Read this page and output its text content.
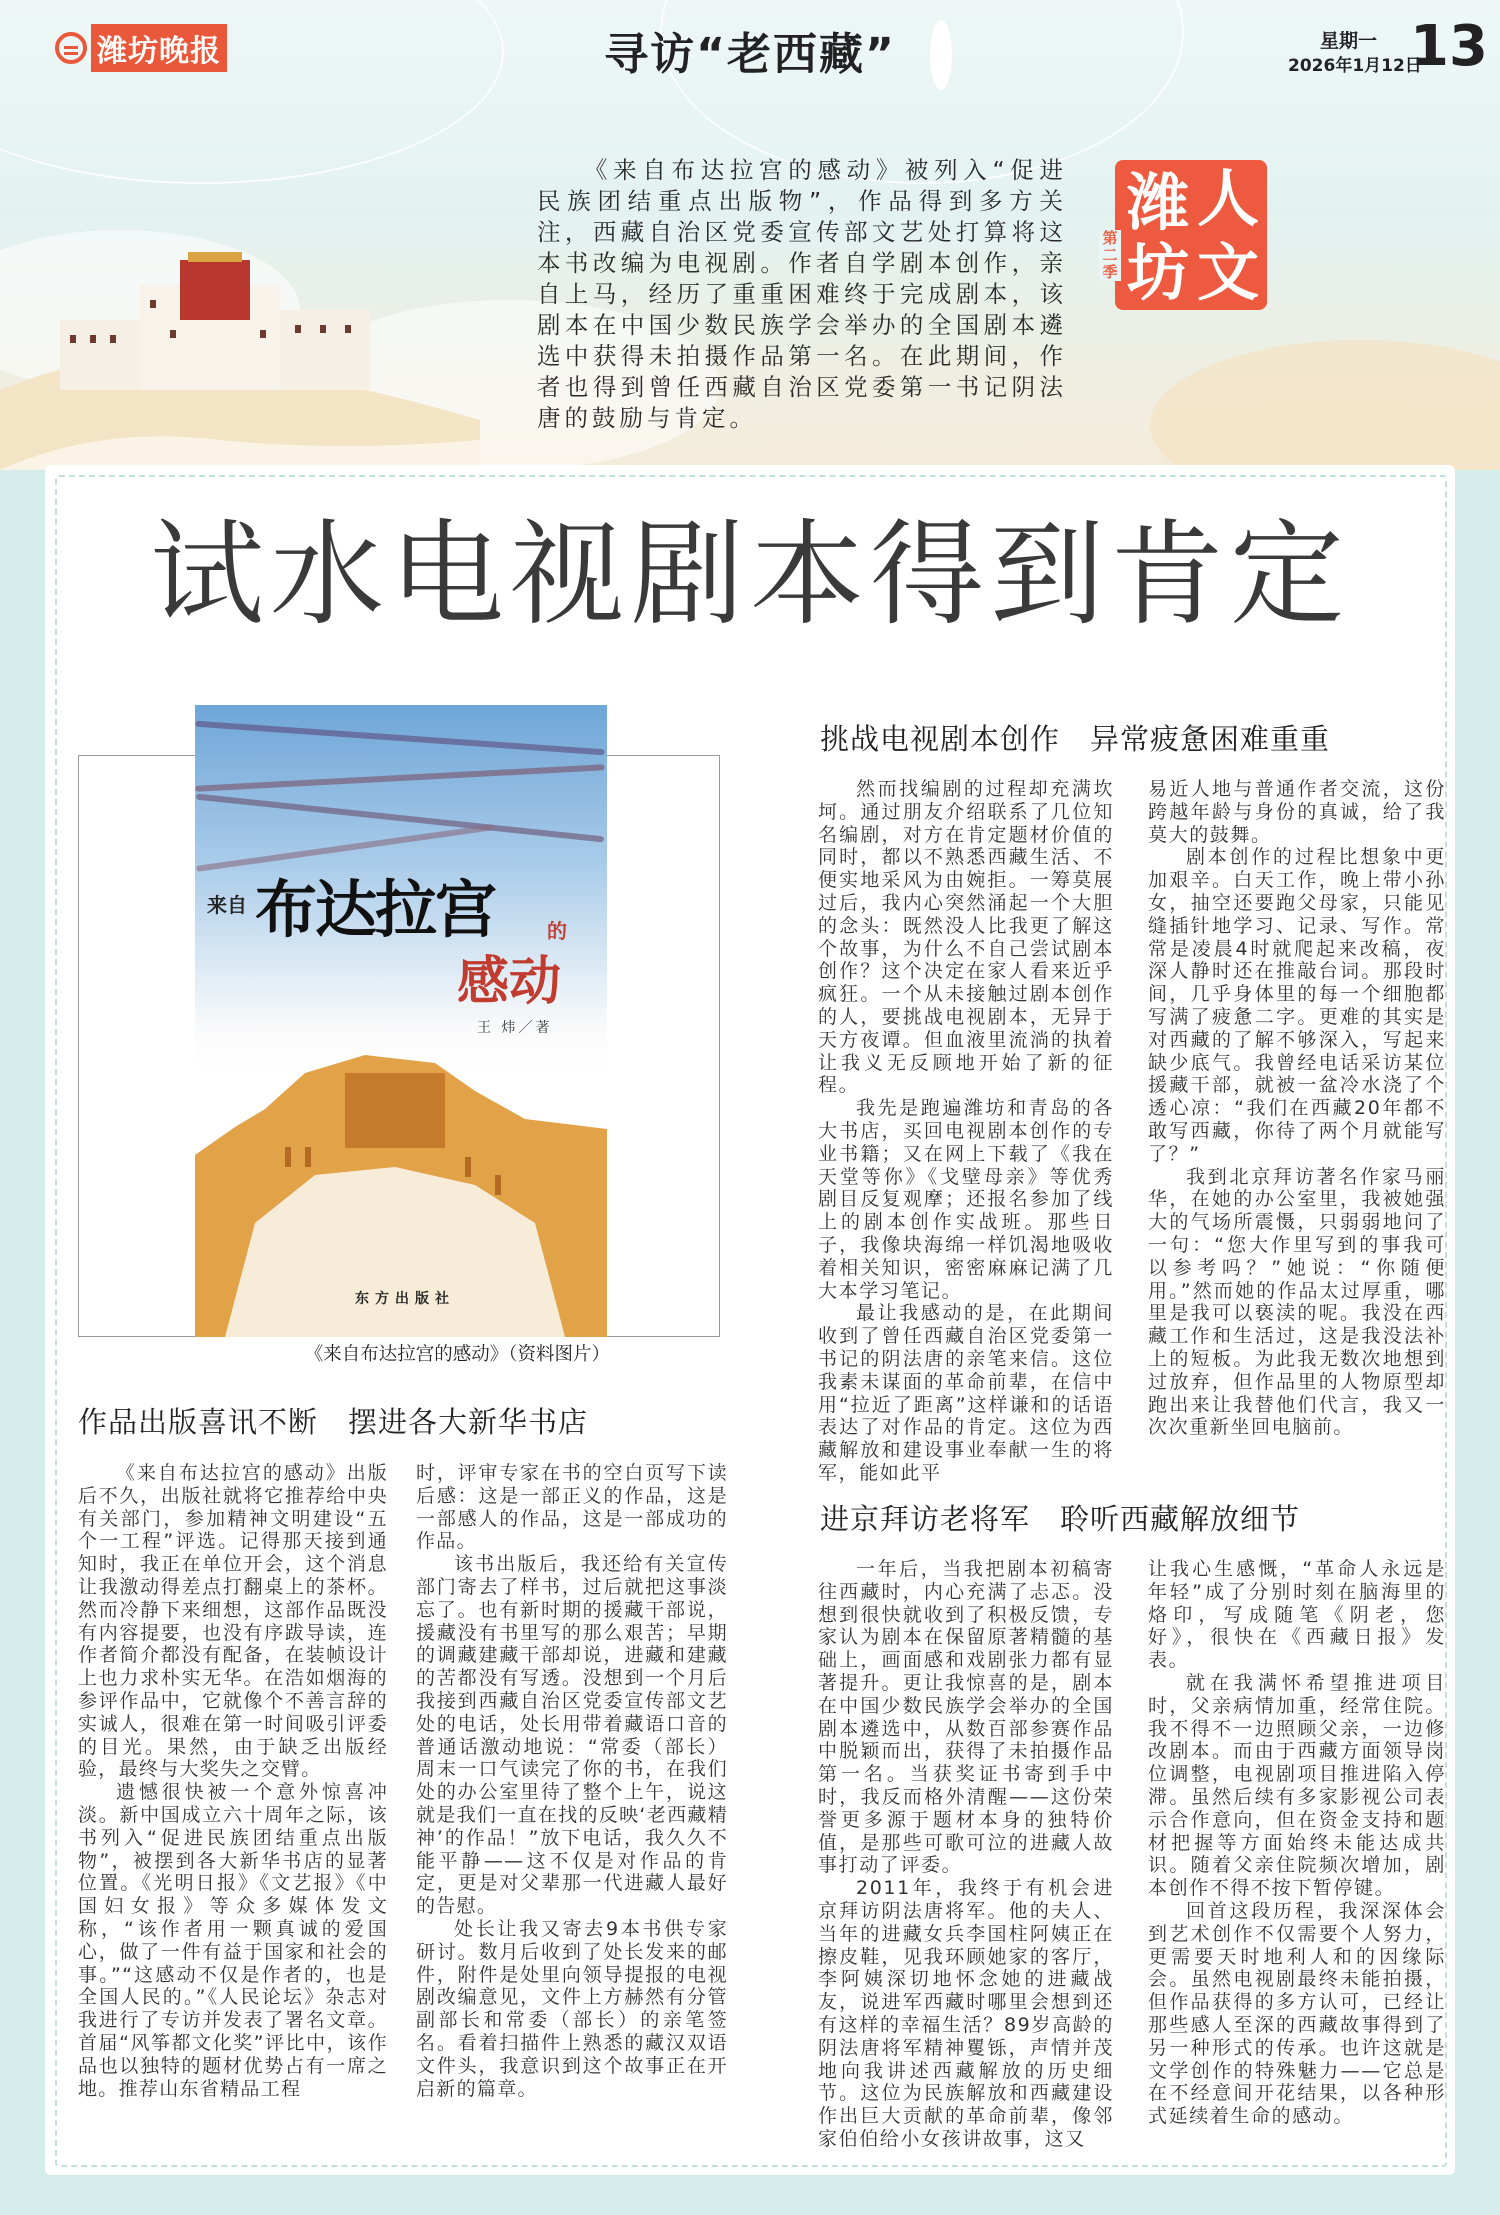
潍坊晚报	寻访“老西藏”	星期一
2026年1月12日
13
《来自布达拉宫的感动》被列入“促进民族团结重点出版物”，作品得到多方关注，西藏自治区党委宣传部文艺处打算将这本书改编为电视剧。作者自学剧本创作，亲自上马，经历了重重困难终于完成剧本，该剧本在中国少数民族学会举办的全国剧本遴选中获得未拍摄作品第一名。在此期间，作者也得到曾任西藏自治区党委第一书记阴法唐的鼓励与肯定。
潍 人
坊 文
第二季
试水电视剧本得到肯定
来自 布达拉宫	的
感动
王 炜／著
东方出版社
《来自布达拉宫的感动》（资料图片）
作品出版喜讯不断　摆进各大新华书店

《来自布达拉宫的感动》出版后不久，出版社就将它推荐给中央有关部门，参加精神文明建设“五个一工程”评选。记得那天接到通知时，我正在单位开会，这个消息让我激动得差点打翻桌上的茶杯。然而冷静下来细想，这部作品既没有内容提要，也没有序跋导读，连作者简介都没有配备，在装帧设计上也力求朴实无华。在浩如烟海的参评作品中，它就像个不善言辞的实诚人，很难在第一时间吸引评委的目光。果然，由于缺乏出版经验，最终与大奖失之交臂。

遗憾很快被一个意外惊喜冲淡。新中国成立六十周年之际，该书列入“促进民族团结重点出版物”，被摆到各大新华书店的显著位置。《光明日报》《文艺报》《中国妇女报》等众多媒体发文称，“该作者用一颗真诚的爱国心，做了一件有益于国家和社会的事。”“这感动不仅是作者的，也是全国人民的。”《人民论坛》杂志对我进行了专访并发表了署名文章。首届“风筝都文化奖”评比中，该作品也以独特的题材优势占有一席之地。推荐山东省精品工程

时，评审专家在书的空白页写下读后感：这是一部正义的作品，这是一部感人的作品，这是一部成功的作品。

该书出版后，我还给有关宣传部门寄去了样书，过后就把这事淡忘了。也有新时期的援藏干部说，援藏没有书里写的那么艰苦；早期的调藏建藏干部却说，进藏和建藏的苦都没有写透。没想到一个月后我接到西藏自治区党委宣传部文艺处的电话，处长用带着藏语口音的普通话激动地说：“常委（部长）周末一口气读完了你的书，在我们处的办公室里待了整个上午，说这就是我们一直在找的反映‘老西藏精神’的作品！”放下电话，我久久不能平静——这不仅是对作品的肯定，更是对父辈那一代进藏人最好的告慰。

处长让我又寄去9本书供专家研讨。数月后收到了处长发来的邮件，附件是处里向领导提报的电视剧改编意见，文件上方赫然有分管副部长和常委（部长）的亲笔签名。看着扫描件上熟悉的藏汉双语文件头，我意识到这个故事正在开启新的篇章。

挑战电视剧本创作　异常疲惫困难重重

然而找编剧的过程却充满坎坷。通过朋友介绍联系了几位知名编剧，对方在肯定题材价值的同时，都以不熟悉西藏生活、不便实地采风为由婉拒。一筹莫展过后，我内心突然涌起一个大胆的念头：既然没人比我更了解这个故事，为什么不自己尝试剧本创作？这个决定在家人看来近乎疯狂。一个从未接触过剧本创作的人，要挑战电视剧本，无异于天方夜谭。但血液里流淌的执着让我义无反顾地开始了新的征程。

我先是跑遍潍坊和青岛的各大书店，买回电视剧本创作的专业书籍；又在网上下载了《我在天堂等你》《戈壁母亲》等优秀剧目反复观摩；还报名参加了线上的剧本创作实战班。那些日子，我像块海绵一样饥渴地吸收着相关知识，密密麻麻记满了几大本学习笔记。

最让我感动的是，在此期间收到了曾任西藏自治区党委第一书记的阴法唐的亲笔来信。这位我素未谋面的革命前辈，在信中用“拉近了距离”这样谦和的话语表达了对作品的肯定。这位为西藏解放和建设事业奉献一生的将军，能如此平

易近人地与普通作者交流，这份跨越年龄与身份的真诚，给了我莫大的鼓舞。

剧本创作的过程比想象中更加艰辛。白天工作，晚上带小孙女，抽空还要跑父母家，只能见缝插针地学习、记录、写作。常常是凌晨4时就爬起来改稿，夜深人静时还在推敲台词。那段时间，几乎身体里的每一个细胞都写满了疲惫二字。更难的其实是对西藏的了解不够深入，写起来缺少底气。我曾经电话采访某位援藏干部，就被一盆冷水浇了个透心凉：“我们在西藏20年都不敢写西藏，你待了两个月就能写了？”

我到北京拜访著名作家马丽华，在她的办公室里，我被她强大的气场所震慑，只弱弱地问了一句：“您大作里写到的事我可以参考吗？”她说：“你随便用。”然而她的作品太过厚重，哪里是我可以亵渎的呢。我没在西藏工作和生活过，这是我没法补上的短板。为此我无数次地想到过放弃，但作品里的人物原型却跑出来让我替他们代言，我又一次次重新坐回电脑前。

进京拜访老将军　聆听西藏解放细节

一年后，当我把剧本初稿寄往西藏时，内心充满了忐忑。没想到很快就收到了积极反馈，专家认为剧本在保留原著精髓的基础上，画面感和戏剧张力都有显著提升。更让我惊喜的是，剧本在中国少数民族学会举办的全国剧本遴选中，从数百部参赛作品中脱颖而出，获得了未拍摄作品第一名。当获奖证书寄到手中时，我反而格外清醒——这份荣誉更多源于题材本身的独特价值，是那些可歌可泣的进藏人故事打动了评委。

2011年，我终于有机会进京拜访阴法唐将军。他的夫人、当年的进藏女兵李国柱阿姨正在擦皮鞋，见我环顾她家的客厅，李阿姨深切地怀念她的进藏战友，说进军西藏时哪里会想到还有这样的幸福生活？89岁高龄的阴法唐将军精神矍铄，声情并茂地向我讲述西藏解放的历史细节。这位为民族解放和西藏建设作出巨大贡献的革命前辈，像邻家伯伯给小女孩讲故事，这又

让我心生感慨，“革命人永远是年轻”成了分别时刻在脑海里的烙印，写成随笔《阴老，您好》，很快在《西藏日报》发表。

就在我满怀希望推进项目时，父亲病情加重，经常住院。我不得不一边照顾父亲，一边修改剧本。而由于西藏方面领导岗位调整，电视剧项目推进陷入停滞。虽然后续有多家影视公司表示合作意向，但在资金支持和题材把握等方面始终未能达成共识。随着父亲住院频次增加，剧本创作不得不按下暂停键。

回首这段历程，我深深体会到艺术创作不仅需要个人努力，更需要天时地利人和的因缘际会。虽然电视剧最终未能拍摄，但作品获得的多方认可，已经让那些感人至深的西藏故事得到了另一种形式的传承。也许这就是文学创作的特殊魅力——它总是在不经意间开花结果，以各种形式延续着生命的感动。
